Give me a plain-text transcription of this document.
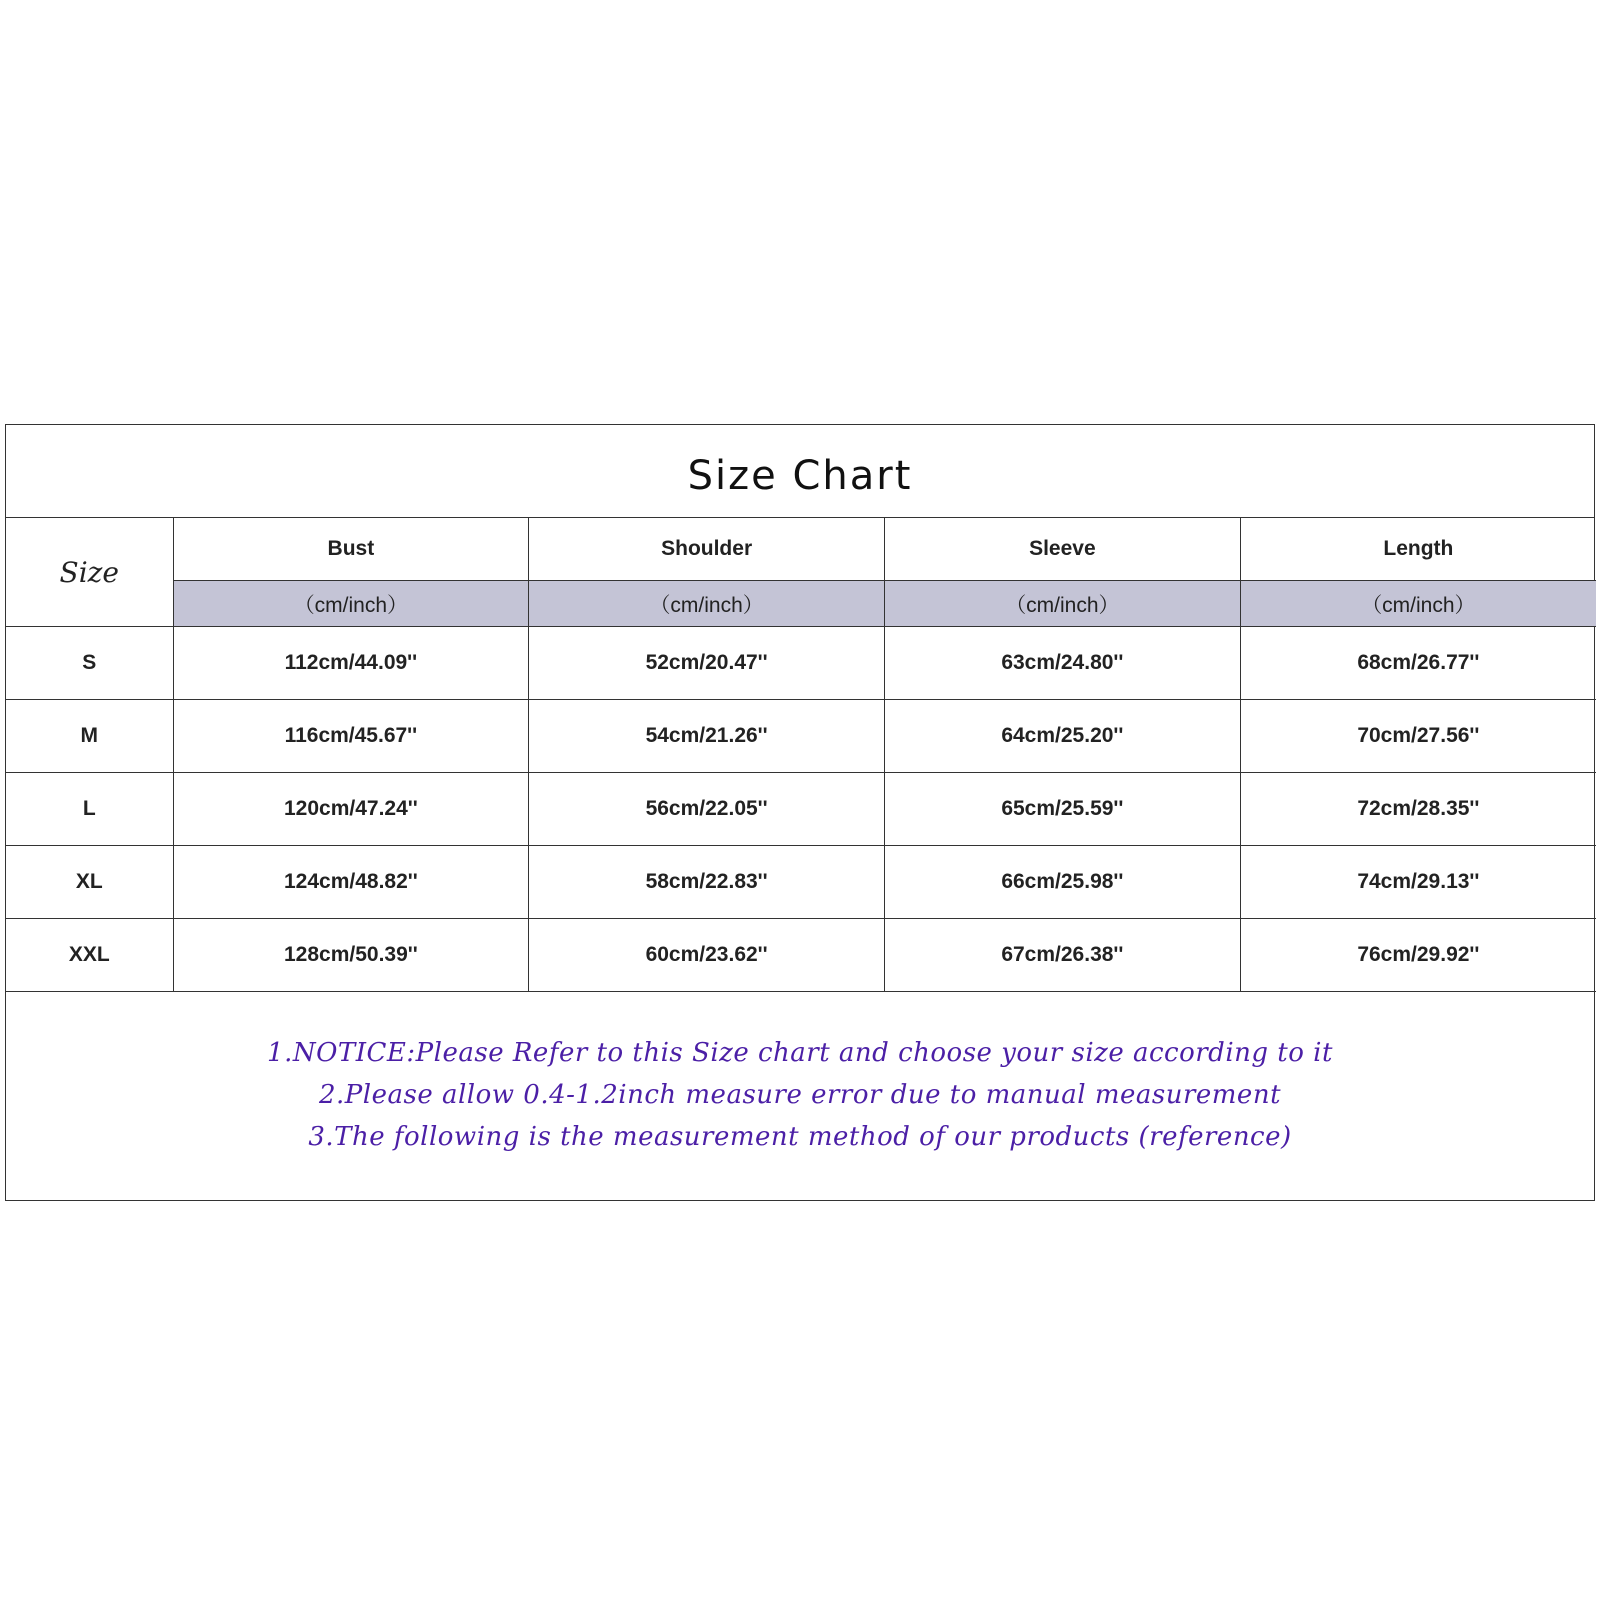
Size Chart
Size	Bust	Shoulder	Sleeve	Length
	（cm/inch）	（cm/inch）	（cm/inch）	（cm/inch）
S	112cm/44.09''	52cm/20.47''	63cm/24.80''	68cm/26.77''
M	116cm/45.67''	54cm/21.26''	64cm/25.20''	70cm/27.56''
L	120cm/47.24''	56cm/22.05''	65cm/25.59''	72cm/28.35''
XL	124cm/48.82''	58cm/22.83''	66cm/25.98''	74cm/29.13''
XXL	128cm/50.39''	60cm/23.62''	67cm/26.38''	76cm/29.92''
1.NOTICE:Please Refer to this Size chart and choose your size according to it
2.Please allow 0.4-1.2inch measure error due to manual measurement
3.The following is the measurement method of our products (reference)
